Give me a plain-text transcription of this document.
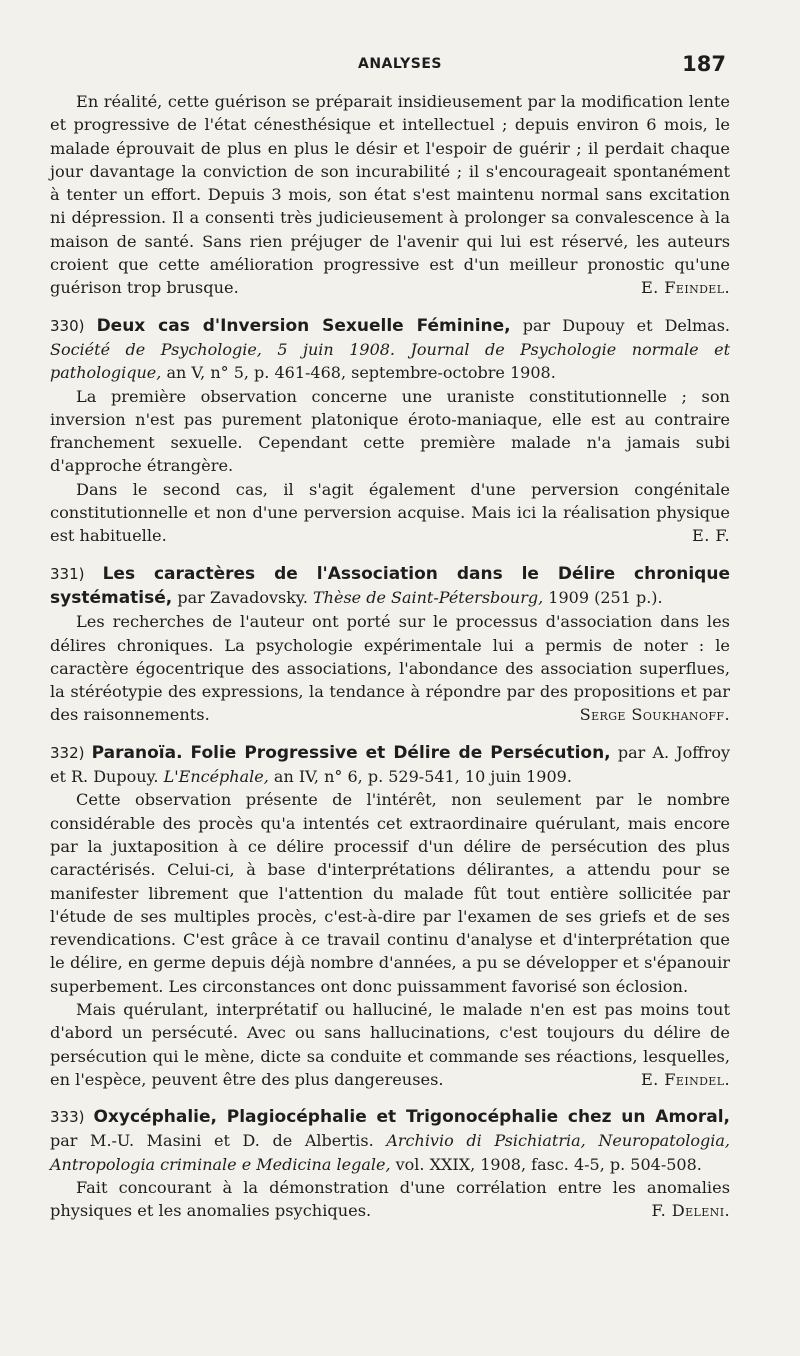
ANALYSES	187

En réalité, cette guérison se préparait insidieusement par la modification lente et progressive de l'état cénesthésique et intellectuel ; depuis environ 6 mois, le malade éprouvait de plus en plus le désir et l'espoir de guérir ; il perdait chaque jour davantage la conviction de son incurabilité ; il s'encourageait spontanément à tenter un effort. Depuis 3 mois, son état s'est maintenu normal sans excitation ni dépression. Il a consenti très judicieusement à prolonger sa convalescence à la maison de santé. Sans rien préjuger de l'avenir qui lui est réservé, les auteurs croient que cette amélioration progressive est d'un meilleur pronostic qu'une guérison trop brusque.	E. Feindel.

330) Deux cas d'Inversion Sexuelle Féminine, par Dupouy et Delmas. Société de Psychologie, 5 juin 1908. Journal de Psychologie normale et pathologique, an V, n° 5, p. 461-468, septembre-octobre 1908.

La première observation concerne une uraniste constitutionnelle ; son inversion n'est pas purement platonique éroto-maniaque, elle est au contraire franchement sexuelle. Cependant cette première malade n'a jamais subi d'approche étrangère.

Dans le second cas, il s'agit également d'une perversion congénitale constitutionnelle et non d'une perversion acquise. Mais ici la réalisation physique est habituelle.	E. F.

331) Les caractères de l'Association dans le Délire chronique systématisé, par Zavadovsky. Thèse de Saint-Pétersbourg, 1909 (251 p.).

Les recherches de l'auteur ont porté sur le processus d'association dans les délires chroniques. La psychologie expérimentale lui a permis de noter : le caractère égocentrique des associations, l'abondance des association superflues, la stéréotypie des expressions, la tendance à répondre par des propositions et par des raisonnements.	Serge Soukhanoff.

332) Paranoïa. Folie Progressive et Délire de Persécution, par A. Joffroy et R. Dupouy. L'Encéphale, an IV, n° 6, p. 529-541, 10 juin 1909.

Cette observation présente de l'intérêt, non seulement par le nombre considérable des procès qu'a intentés cet extraordinaire quérulant, mais encore par la juxtaposition à ce délire processif d'un délire de persécution des plus caractérisés. Celui-ci, à base d'interprétations délirantes, a attendu pour se manifester librement que l'attention du malade fût tout entière sollicitée par l'étude de ses multiples procès, c'est-à-dire par l'examen de ses griefs et de ses revendications. C'est grâce à ce travail continu d'analyse et d'interprétation que le délire, en germe depuis déjà nombre d'années, a pu se développer et s'épanouir superbement. Les circonstances ont donc puissamment favorisé son éclosion.

Mais quérulant, interprétatif ou halluciné, le malade n'en est pas moins tout d'abord un persécuté. Avec ou sans hallucinations, c'est toujours du délire de persécution qui le mène, dicte sa conduite et commande ses réactions, lesquelles, en l'espèce, peuvent être des plus dangereuses.	E. Feindel.

333) Oxycéphalie, Plagiocéphalie et Trigonocéphalie chez un Amoral, par M.-U. Masini et D. de Albertis. Archivio di Psichiatria, Neuropatologia, Antropologia criminale e Medicina legale, vol. XXIX, 1908, fasc. 4-5, p. 504-508.

Fait concourant à la démonstration d'une corrélation entre les anomalies physiques et les anomalies psychiques.	F. Deleni.
